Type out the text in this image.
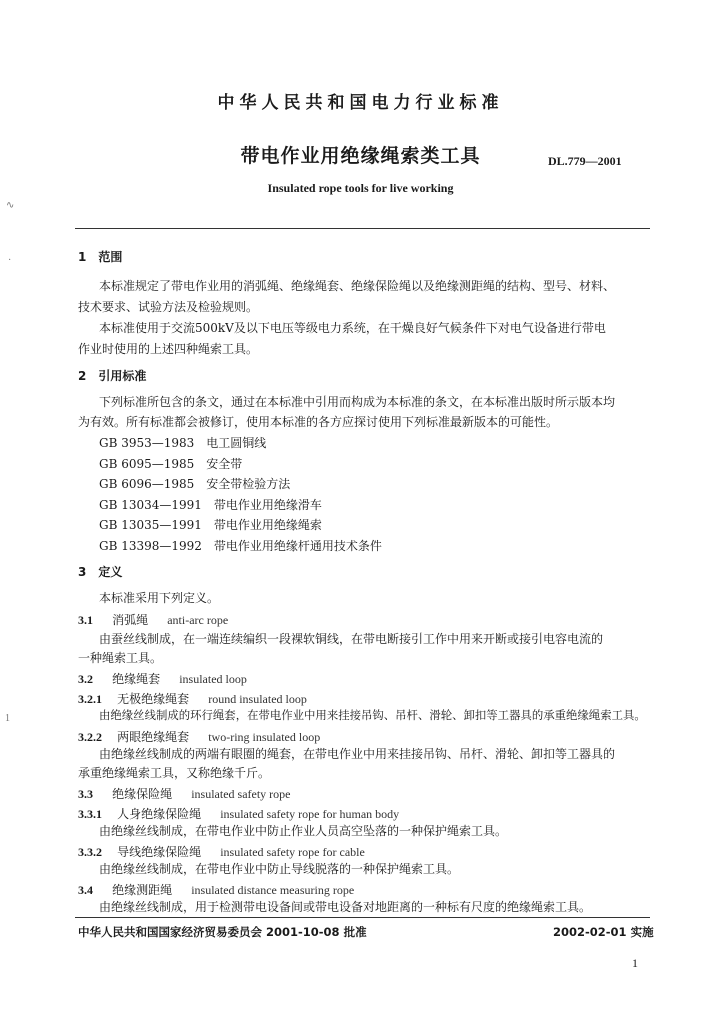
∿
·
1
中华人民共和国电力行业标准
带电作业用绝缘绳索类工具	DL.779—2001
Insulated rope tools for live working
1　范围
本标准规定了带电作业用的消弧绳、绝缘绳套、绝缘保险绳以及绝缘测距绳的结构、型号、材料、
技术要求、试验方法及检验规则。
本标准使用于交流500kV及以下电压等级电力系统，在干燥良好气候条件下对电气设备进行带电
作业时使用的上述四种绳索工具。
2　引用标准
下列标准所包含的条文，通过在本标准中引用而构成为本标准的条文，在本标准出版时所示版本均
为有效。所有标准都会被修订，使用本标准的各方应探讨使用下列标准最新版本的可能性。
GB 3953—1983　电工圆铜线
GB 6095—1985　安全带
GB 6096—1985　安全带检验方法
GB 13034—1991　带电作业用绝缘滑车
GB 13035—1991　带电作业用绝缘绳索
GB 13398—1992　带电作业用绝缘杆通用技术条件
3　定义
本标准采用下列定义。
3.1 消弧绳 anti-arc rope
由蚕丝线制成，在一端连续编织一段裸软铜线，在带电断接引工作中用来开断或接引电容电流的
一种绳索工具。
3.2 绝缘绳套 insulated loop
3.2.1 无极绝缘绳套 round insulated loop
由绝缘丝线制成的环行绳套，在带电作业中用来挂接吊钩、吊杆、滑轮、卸扣等工器具的承重绝缘绳索工具。
3.2.2 两眼绝缘绳套 two-ring insulated loop
由绝缘丝线制成的两端有眼圈的绳套，在带电作业中用来挂接吊钩、吊杆、滑轮、卸扣等工器具的
承重绝缘绳索工具，又称绝缘千斤。
3.3 绝缘保险绳 insulated safety rope
3.3.1 人身绝缘保险绳 insulated safety rope for human body
由绝缘丝线制成，在带电作业中防止作业人员高空坠落的一种保护绳索工具。
3.3.2 导线绝缘保险绳 insulated safety rope for cable
由绝缘丝线制成，在带电作业中防止导线脱落的一种保护绳索工具。
3.4 绝缘测距绳 insulated distance measuring rope
由绝缘丝线制成，用于检测带电设备间或带电设备对地距离的一种标有尺度的绝缘绳索工具。
中华人民共和国国家经济贸易委员会 2001-10-08 批准	2002-02-01 实施
1
